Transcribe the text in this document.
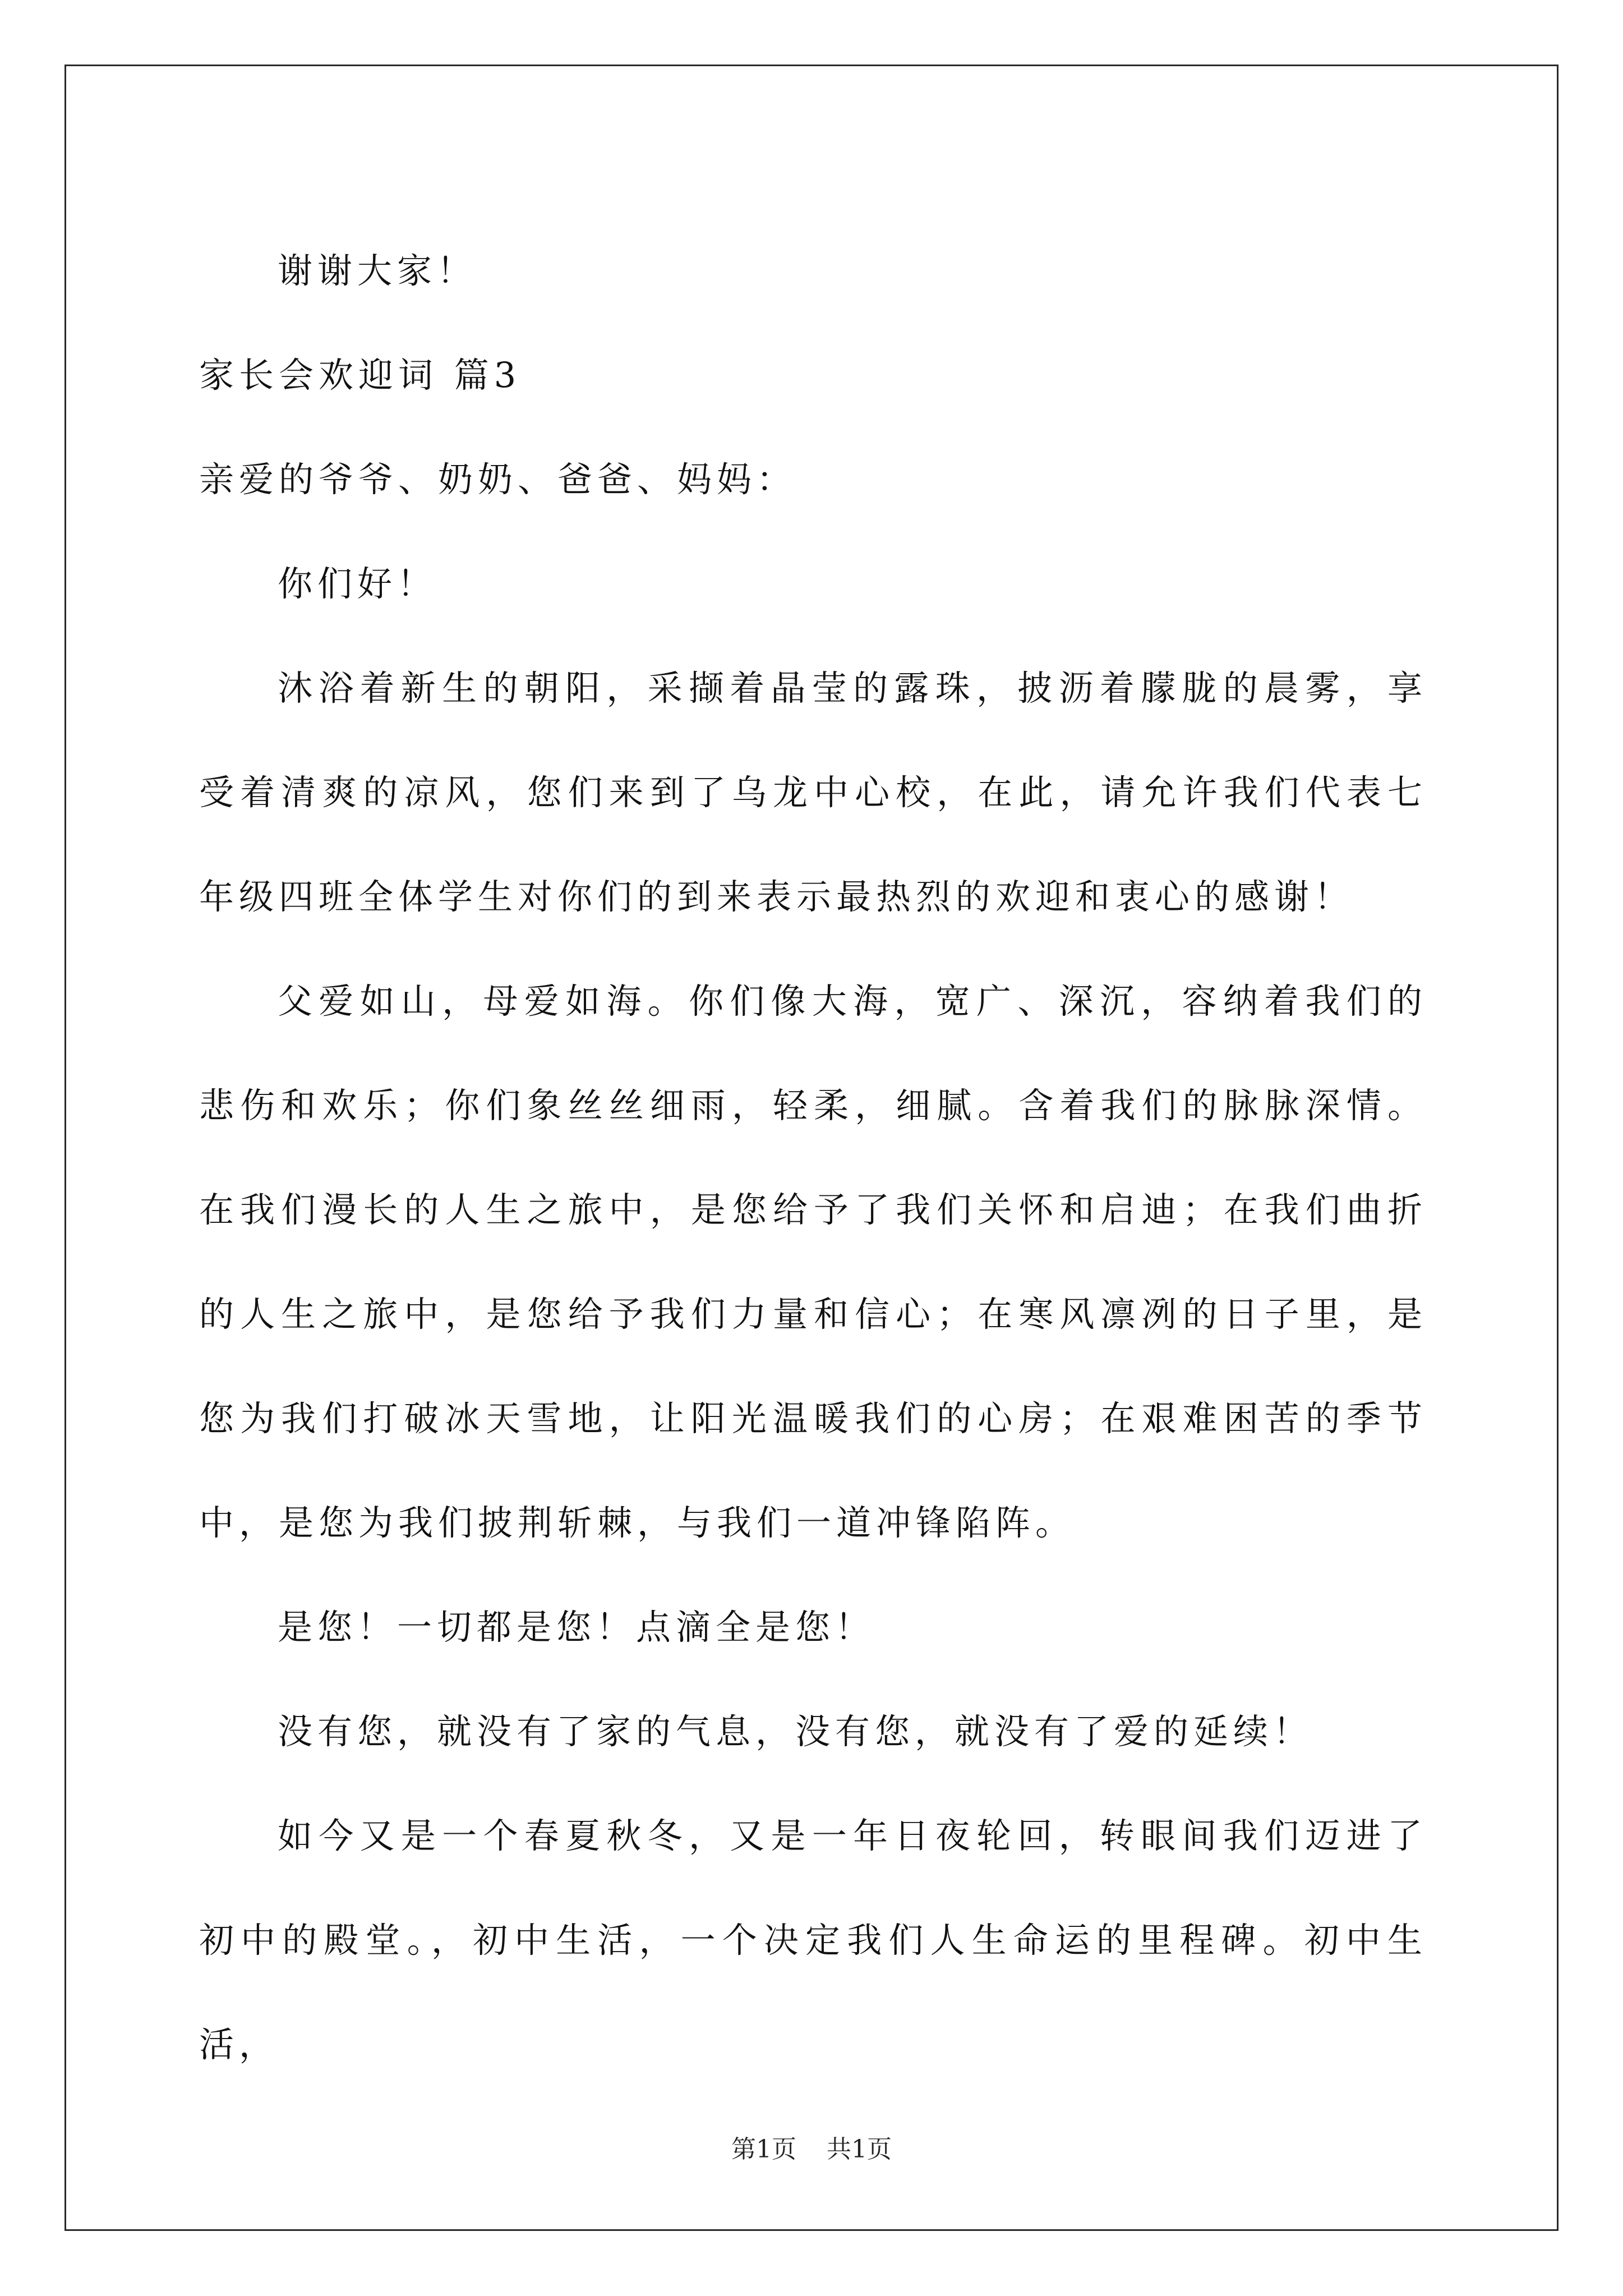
谢谢大家！

家长会欢迎词 篇3

亲爱的爷爷、奶奶、爸爸、妈妈：

你们好！

沐浴着新生的朝阳，采撷着晶莹的露珠，披沥着朦胧的晨雾，享受着清爽的凉风，您们来到了乌龙中心校，在此，请允许我们代表七年级四班全体学生对你们的到来表示最热烈的欢迎和衷心的感谢！

父爱如山，母爱如海。你们像大海，宽广、深沉，容纳着我们的悲伤和欢乐；你们象丝丝细雨，轻柔，细腻。含着我们的脉脉深情。在我们漫长的人生之旅中，是您给予了我们关怀和启迪；在我们曲折的人生之旅中，是您给予我们力量和信心；在寒风凛冽的日子里，是您为我们打破冰天雪地，让阳光温暖我们的心房；在艰难困苦的季节中，是您为我们披荆斩棘，与我们一道冲锋陷阵。

是您！一切都是您！点滴全是您！

没有您，就没有了家的气息，没有您，就没有了爱的延续！

如今又是一个春夏秋冬，又是一年日夜轮回，转眼间我们迈进了初中的殿堂。，初中生活，一个决定我们人生命运的里程碑。初中生活，

第1页 共1页
